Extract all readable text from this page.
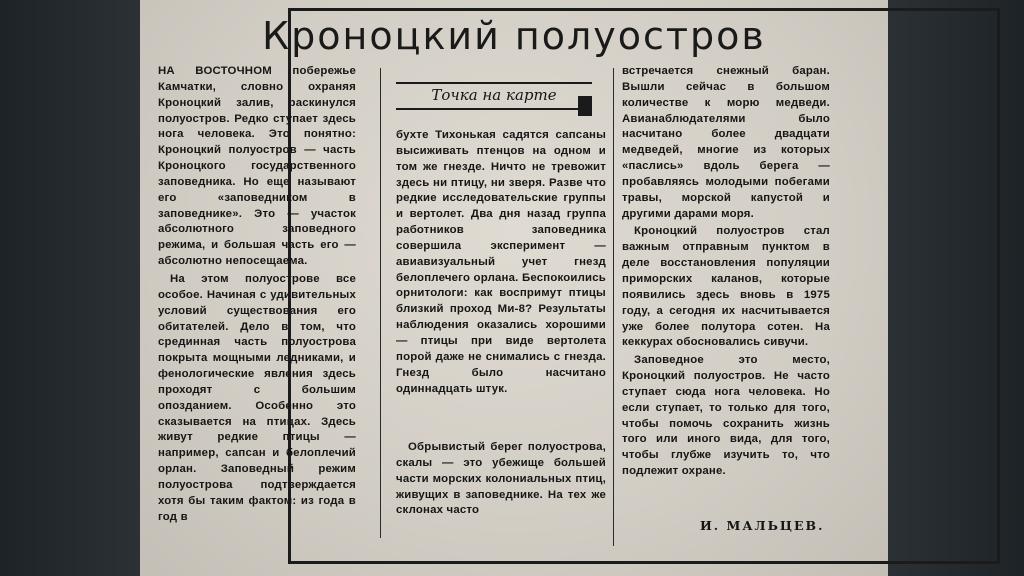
Кроноцкий полуостров

НА ВОСТОЧНОМ побережье Камчатки, словно охраняя Кроноцкий залив, раскинулся полуостров. Редко ступает здесь нога человека. Это понятно: Кроноцкий полуостров — часть Кроноцкого государственного заповедника. Но еще называют его «заповедником в заповеднике». Это — участок абсолютного заповедного режима, и большая часть его — абсолютно непосещаема.

На этом полуострове все особое. Начиная с удивительных условий существования его обитателей. Дело в том, что срединная часть полуострова покрыта мощными ледниками, и фенологические явления здесь проходят с большим опозданием. Особенно это сказывается на птицах. Здесь живут редкие птицы — например, сапсан и белоплечий орлан. Заповедный режим полуострова подтверждается хотя бы таким фактом: из года в год в

Точка на карте

бухте Тихонькая садятся сапсаны высиживать птенцов на одном и том же гнезде. Ничто не тревожит здесь ни птицу, ни зверя. Разве что редкие исследовательские группы и вертолет. Два дня назад группа работников заповедника совершила эксперимент — авиавизуальный учет гнезд белоплечего орлана. Беспокоились орнитологи: как воспримут птицы близкий проход Ми-8? Результаты наблюдения оказались хорошими — птицы при виде вертолета порой даже не снимались с гнезда. Гнезд было насчитано одиннадцать штук.

Обрывистый берег полуострова, скалы — это убежище большей части морских колониальных птиц, живущих в заповеднике. На тех же склонах часто

встречается снежный баран. Вышли сейчас в большом количестве к морю медведи. Авианаблюдателями было насчитано более двадцати медведей, многие из которых «паслись» вдоль берега — пробавляясь молодыми побегами травы, морской капустой и другими дарами моря.

Кроноцкий полуостров стал важным отправным пунктом в деле восстановления популяции приморских каланов, которые появились здесь вновь в 1975 году, а сегодня их насчитывается уже более полутора сотен. На кеккурах обосновались сивучи.

Заповедное это место, Кроноцкий полуостров. Не часто ступает сюда нога человека. Но если ступает, то только для того, чтобы помочь сохранить жизнь того или иного вида, для того, чтобы глубже изучить то, что подлежит охране.

И. МАЛЬЦЕВ.
